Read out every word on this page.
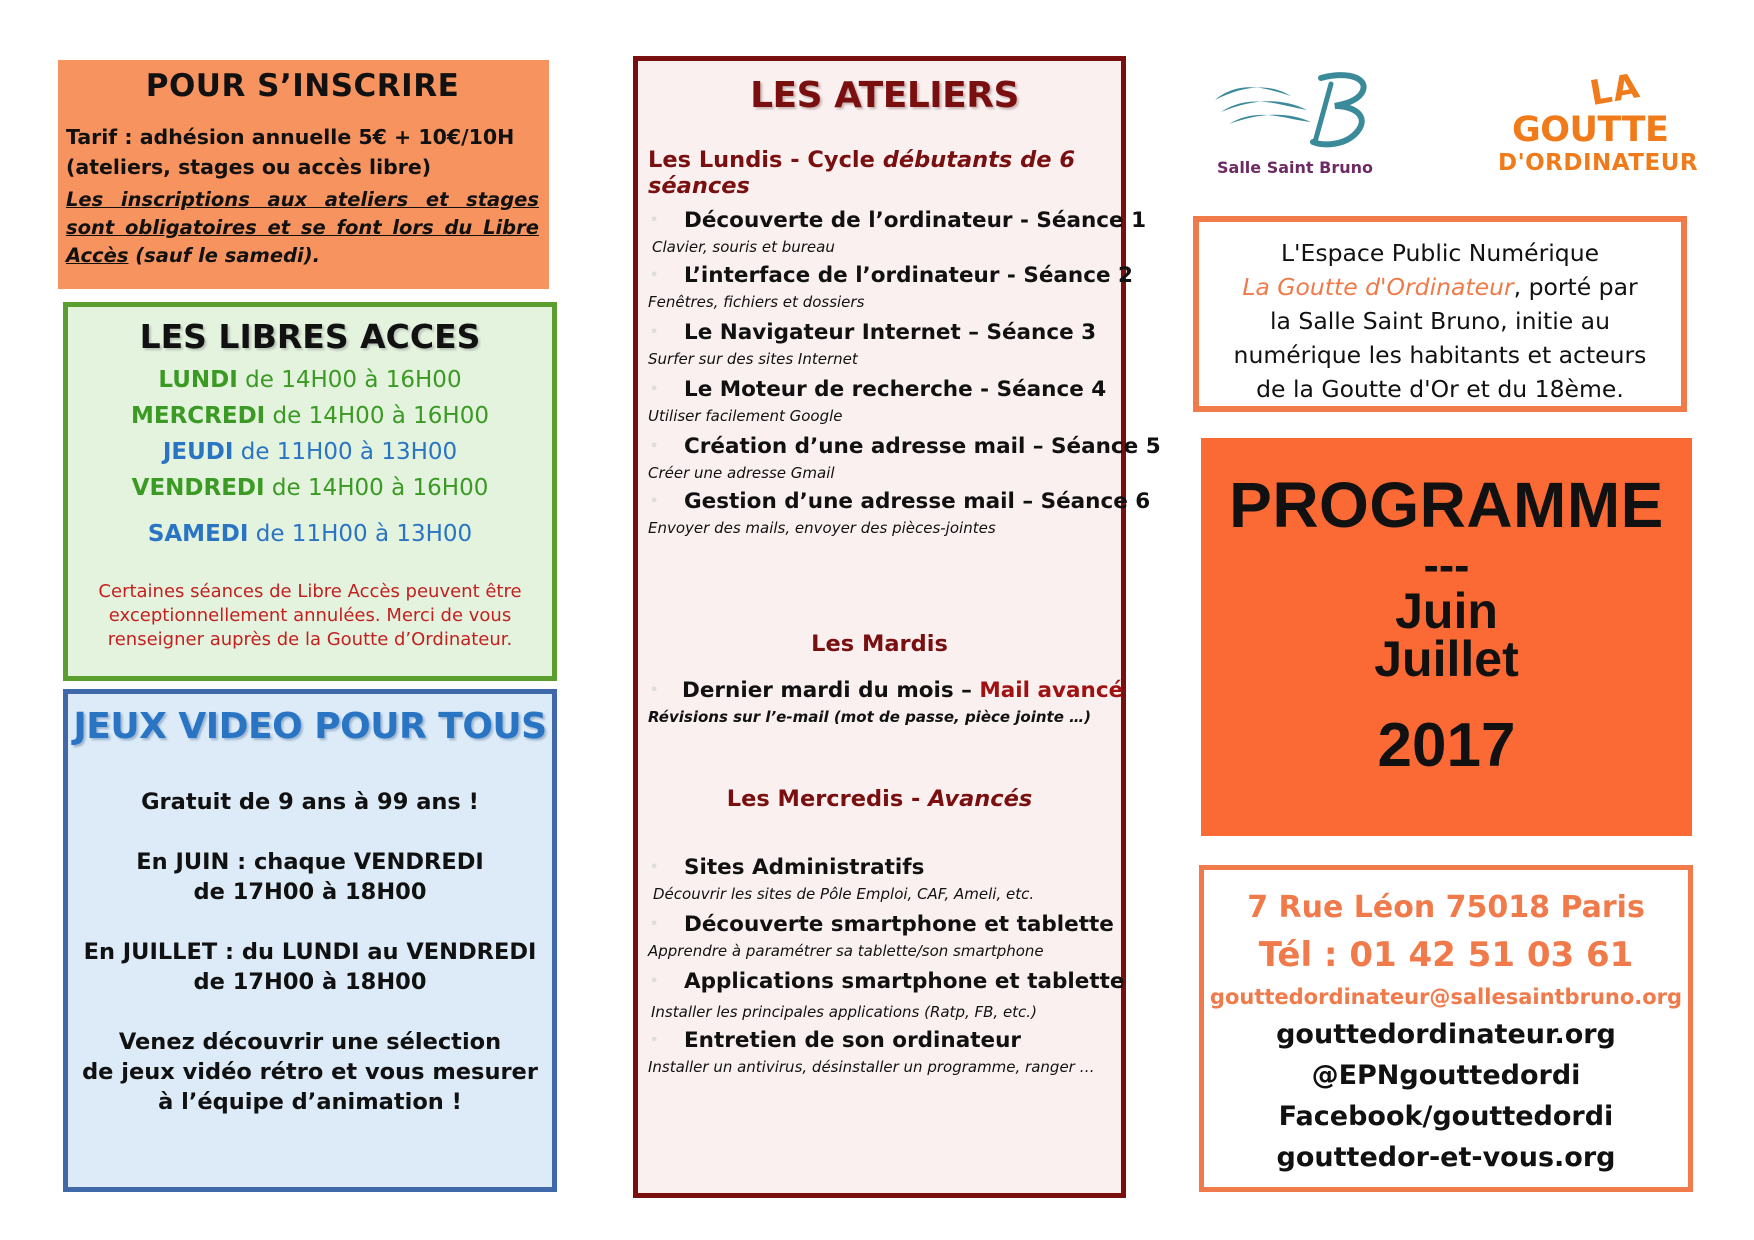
POUR S’INSCRIRE
Tarif : adhésion annuelle 5€ + 10€/10H
(ateliers, stages ou accès libre)
Les inscriptions aux ateliers et stages sont obligatoires et se font lors du Libre Accès (sauf le samedi).
LES LIBRES ACCES
LUNDI de 14H00 à 16H00
MERCREDI de 14H00 à 16H00
JEUDI de 11H00 à 13H00
VENDREDI de 14H00 à 16H00
SAMEDI de 11H00 à 13H00
Certaines séances de Libre Accès peuvent être
exceptionnellement annulées. Merci de vous
renseigner auprès de la Goutte d’Ordinateur.
JEUX VIDEO POUR TOUS

Gratuit de 9 ans à 99 ans !

En JUIN : chaque VENDREDI

de 17H00 à 18H00

En JUILLET : du LUNDI au VENDREDI

de 17H00 à 18H00

Venez découvrir une sélection

de jeux vidéo rétro et vous mesurer

à l’équipe d’animation !

LES ATELIERS
Les Lundis - Cycle débutants de 6 séances
• Découverte de l’ordinateur - Séance 1
Clavier, souris et bureau
• L’interface de l’ordinateur - Séance 2
Fenêtres, fichiers et dossiers
• Le Navigateur Internet – Séance 3
Surfer sur des sites Internet
• Le Moteur de recherche - Séance 4
Utiliser facilement Google
• Création d’une adresse mail – Séance 5
Créer une adresse Gmail
• Gestion d’une adresse mail – Séance 6
Envoyer des mails, envoyer des pièces-jointes
Les Mardis
• Dernier mardi du mois – Mail avancé
Révisions sur l’e-mail (mot de passe, pièce jointe …)
Les Mercredis - Avancés
• Sites Administratifs
Découvrir les sites de Pôle Emploi, CAF, Ameli, etc.
• Découverte smartphone et tablette
Apprendre à paramétrer sa tablette/son smartphone
• Applications smartphone et tablette
Installer les principales applications (Ratp, FB, etc.)
• Entretien de son ordinateur
Installer un antivirus, désinstaller un programme, ranger …
Salle Saint Bruno
LA
GOUTTE
D'ORDINATEUR
L'Espace Public Numérique
La Goutte d'Ordinateur, porté par
la Salle Saint Bruno, initie au
numérique les habitants et acteurs
de la Goutte d'Or et du 18ème.
PROGRAMME
---
Juin
Juillet
2017
7 Rue Léon 75018 Paris
Tél : 01 42 51 03 61
gouttedordinateur@sallesaintbruno.org
gouttedordinateur.org
@EPNgouttedordi
Facebook/gouttedordi
gouttedor-et-vous.org
